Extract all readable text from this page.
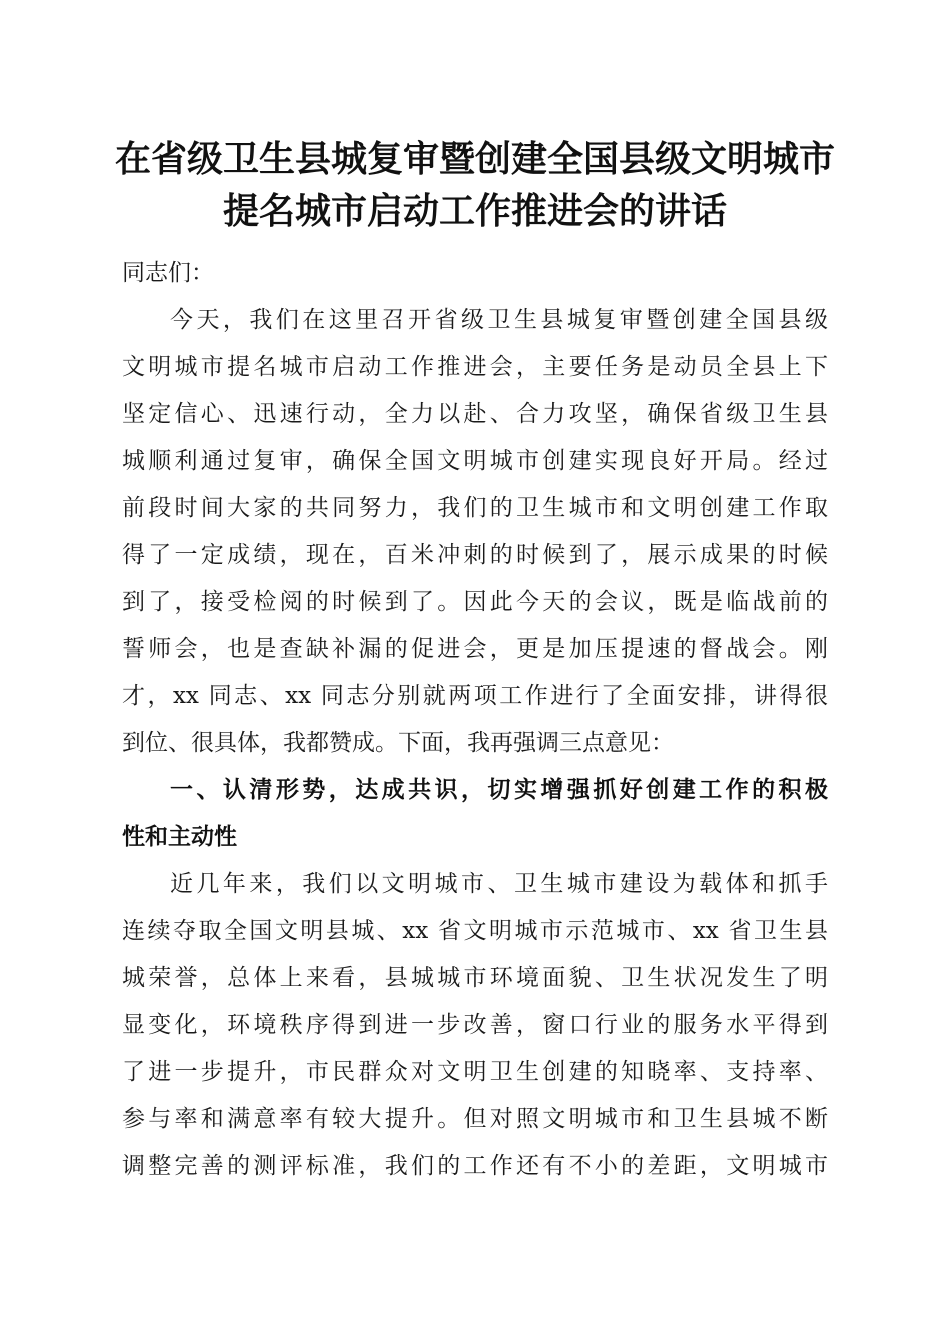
在省级卫生县城复审暨创建全国县级文明城市
提名城市启动工作推进会的讲话
同志们：
今天，我们在这里召开省级卫生县城复审暨创建全国县级
文明城市提名城市启动工作推进会，主要任务是动员全县上下
坚定信心、迅速行动，全力以赴、合力攻坚，确保省级卫生县
城顺利通过复审，确保全国文明城市创建实现良好开局。经过
前段时间大家的共同努力，我们的卫生城市和文明创建工作取
得了一定成绩，现在，百米冲刺的时候到了，展示成果的时候
到了，接受检阅的时候到了。因此今天的会议，既是临战前的
誓师会，也是查缺补漏的促进会，更是加压提速的督战会。刚
才，xx 同志、xx 同志分别就两项工作进行了全面安排，讲得很
到位、很具体，我都赞成。下面，我再强调三点意见：
一、认清形势，达成共识，切实增强抓好创建工作的积极
性和主动性
近几年来，我们以文明城市、卫生城市建设为载体和抓手
连续夺取全国文明县城、xx 省文明城市示范城市、xx 省卫生县
城荣誉，总体上来看，县城城市环境面貌、卫生状况发生了明
显变化，环境秩序得到进一步改善，窗口行业的服务水平得到
了进一步提升，市民群众对文明卫生创建的知晓率、支持率、
参与率和满意率有较大提升。但对照文明城市和卫生县城不断
调整完善的测评标准，我们的工作还有不小的差距，文明城市
